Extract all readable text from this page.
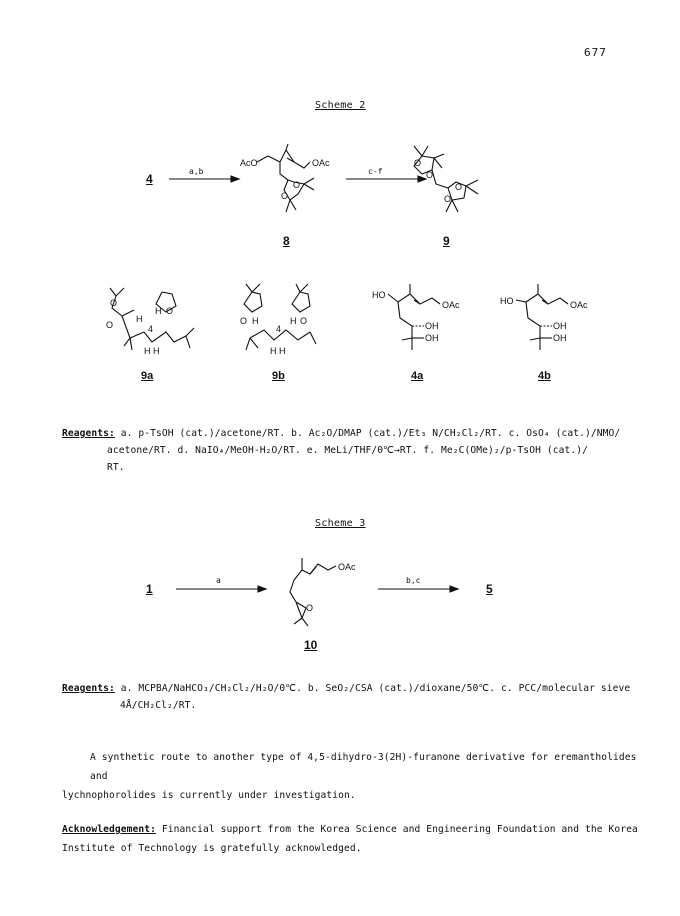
677
Scheme 2
4
a,b
AcO	OAc
O
O
8
c-f
O
O
O
O
9
O
O
H O
H
4
H H
9a
O H	H O
4
H H
9b
HO
OAc
OH
OH
4a
HO	OAc
OH
OH
4b
Reagents: a. p-TsOH (cat.)/acetone/RT. b. Ac₂O/DMAP (cat.)/Et₃ N/CH₂Cl₂/RT. c. OsO₄ (cat.)/NMO/
acetone/RT. d. NaIO₄/MeOH-H₂O/RT. e. MeLi/THF/0℃→RT. f. Me₂C(OMe)₂/p-TsOH (cat.)/
RT.
Scheme 3
1
a
OAc
O
10
b,c
5
Reagents: a. MCPBA/NaHCO₃/CH₂Cl₂/H₂O/0℃. b. SeO₂/CSA (cat.)/dioxane/50℃. c. PCC/molecular sieve
4Å/CH₂Cl₂/RT.
A synthetic route to another type of 4,5-dihydro-3(2H)-furanone derivative for eremantholides and
lychnophorolides is currently under investigation.
Acknowledgement: Financial support from the Korea Science and Engineering Foundation and the Korea
Institute of Technology is gratefully acknowledged.
